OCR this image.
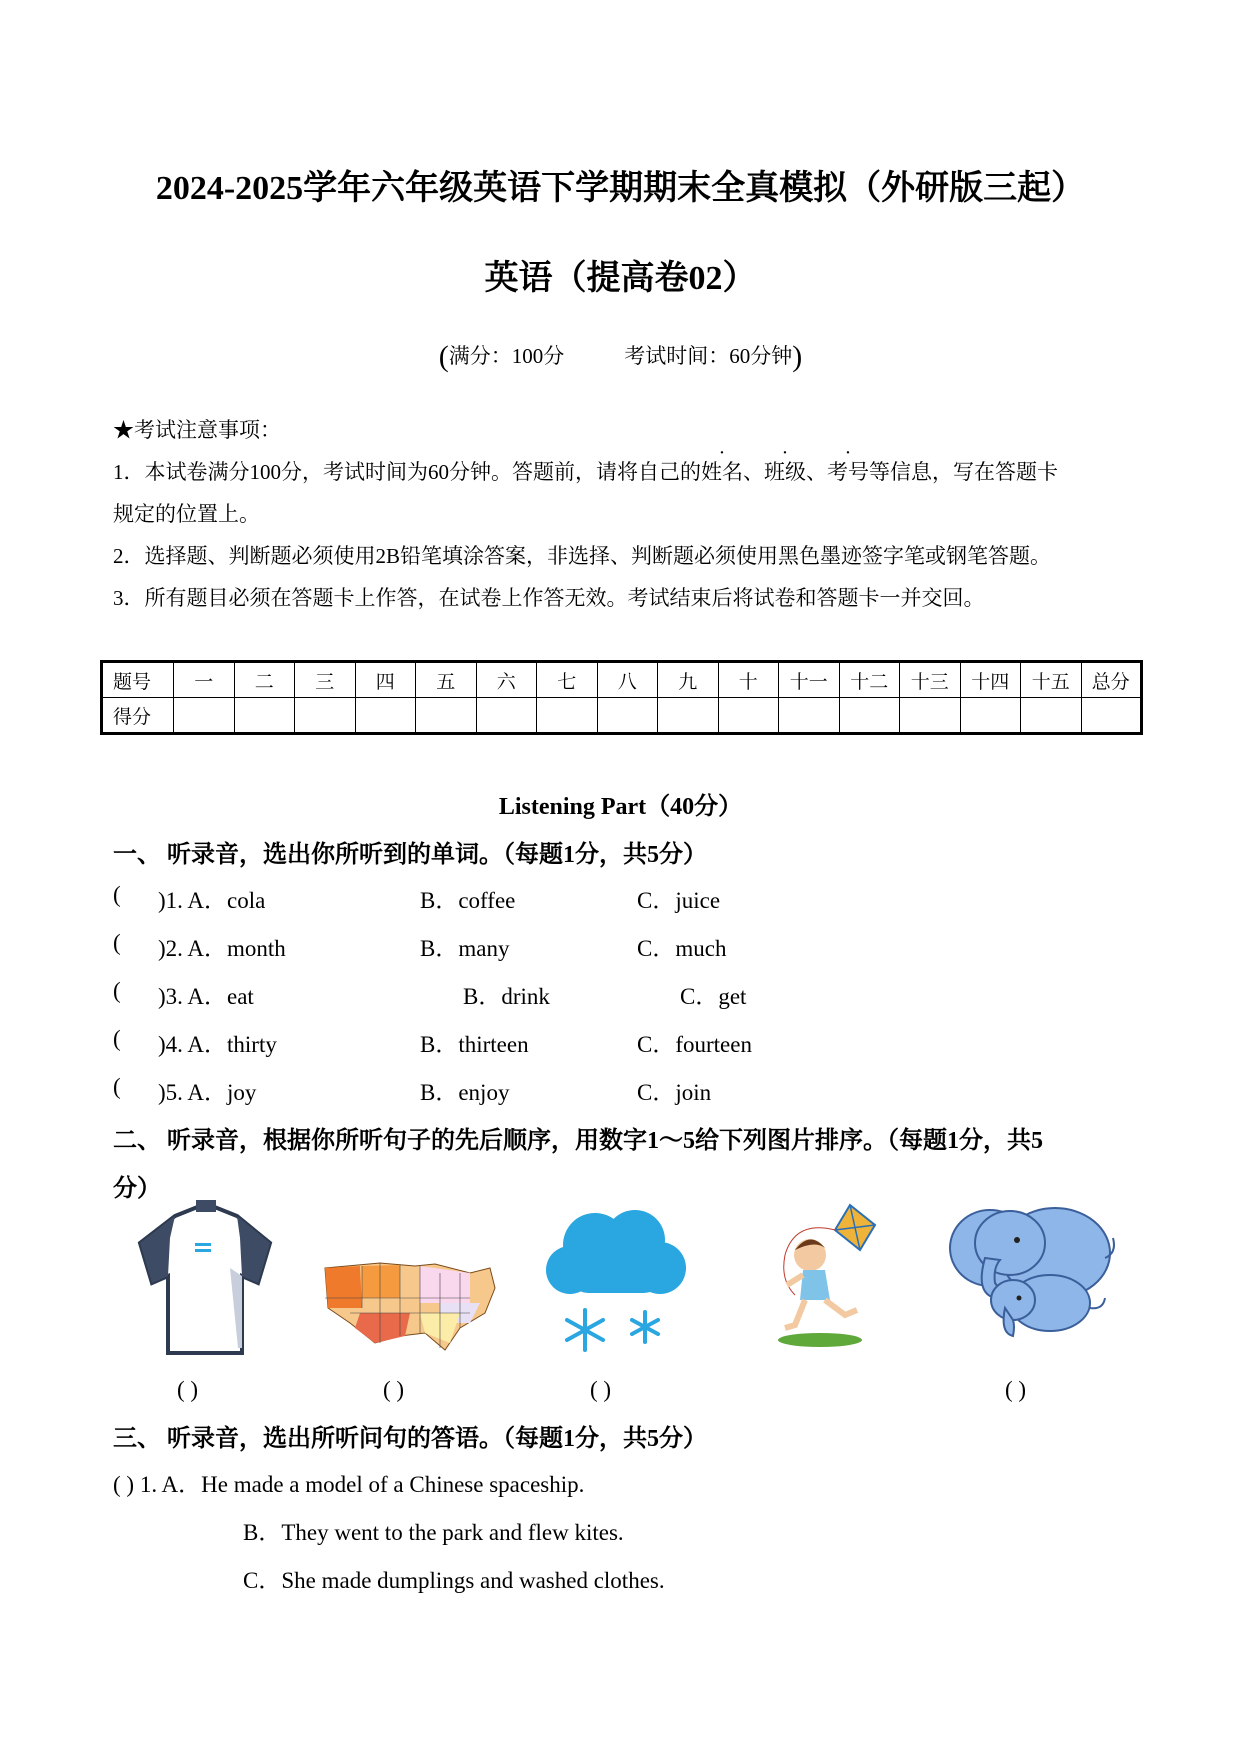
2024-2025学年六年级英语下学期期末全真模拟（外研版三起）
英语（提高卷02）
(满分：100分	考试时间：60分钟)
★考试注意事项：
1．本试卷满分100分，考试时间为60分钟。答题前，请将自己的姓名、班级、考号等信息，写在答题卡
规定的位置上。
2．选择题、判断题必须使用2B铅笔填涂答案，非选择、判断题必须使用黑色墨迹签字笔或钢笔答题。
3．所有题目必须在答题卡上作答，在试卷上作答无效。考试结束后将试卷和答题卡一并交回。
题号	一	二	三	四	五	六	七	八	九	十	十一	十二	十三	十四	十五	总分
得分																
Listening Part（40分）
一、 听录音，选出你所听到的单词。（每题1分，共5分）
( )1. A．cola	B．coffee	C．juice
( )2. A．month	B．many	C．much
( )3. A．eat	B．drink	C．get
( )4. A．thirty	B．thirteen	C．fourteen
( )5. A．joy	B．enjoy	C．join
二、 听录音，根据你所听句子的先后顺序，用数字1～5给下列图片排序。（每题1分，共5
分）
( )	( )	( )	( )
三、 听录音，选出所听问句的答语。（每题1分，共5分）
( ) 1. A．He made a model of a Chinese spaceship.
B．They went to the park and flew kites.
C．She made dumplings and washed clothes.
